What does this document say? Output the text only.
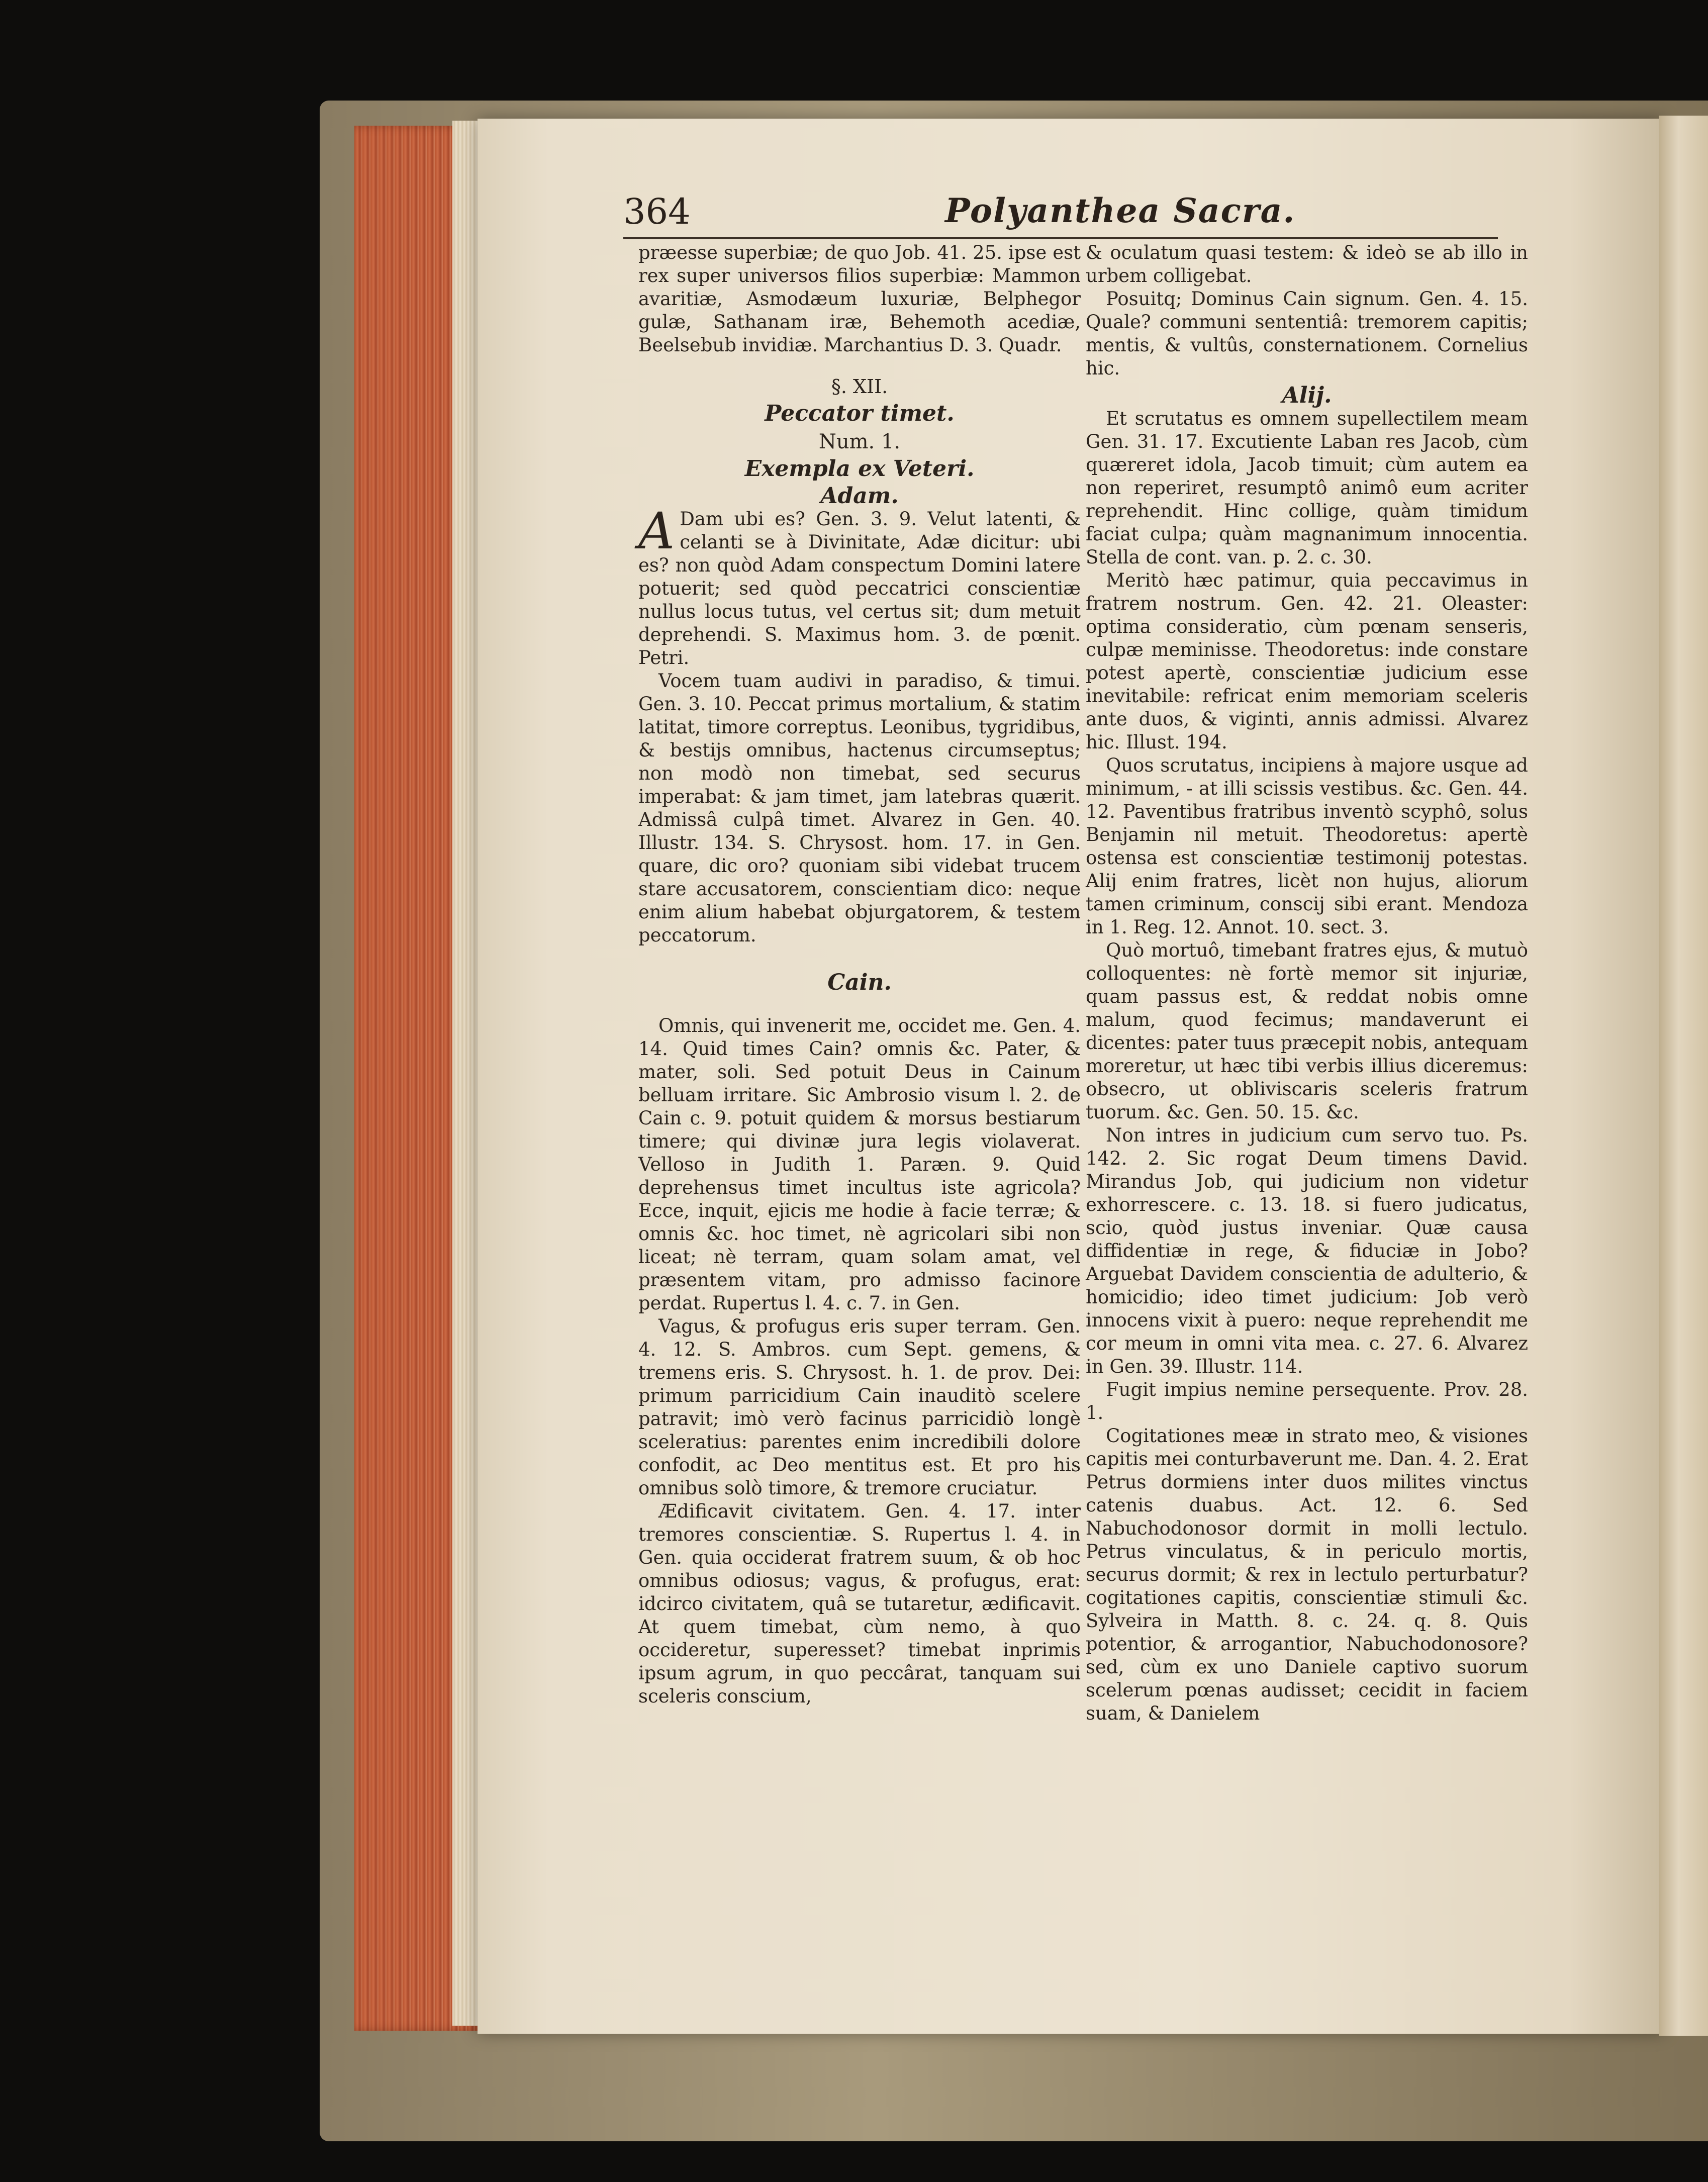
364	Polyanthea Sacra.

præesse superbiæ; de quo Job. 41. 25. ipse est rex super universos filios superbiæ: Mammon avaritiæ, Asmodæum luxuriæ, Belphegor gulæ, Sathanam iræ, Behemoth acediæ, Beelsebub invidiæ. Marchantius D. 3. Quadr.

§. XII.

Peccator timet.

Num. 1.

Exempla ex Veteri.

Adam.

A Dam ubi es? Gen. 3. 9. Velut latenti, & celanti se à Divinitate, Adæ dicitur: ubi es? non quòd Adam conspectum Domini latere potuerit; sed quòd peccatrici conscientiæ nullus locus tutus, vel certus sit; dum metuit deprehendi. S. Maximus hom. 3. de pœnit. Petri.

Vocem tuam audivi in paradiso, & timui. Gen. 3. 10. Peccat primus mortalium, & statim latitat, timore correptus. Leonibus, tygridibus, & bestijs omnibus, hactenus circumseptus; non modò non timebat, sed securus imperabat: & jam timet, jam latebras quærit. Admissâ culpâ timet. Alvarez in Gen. 40. Illustr. 134. S. Chrysost. hom. 17. in Gen. quare, dic oro? quoniam sibi videbat trucem stare accusatorem, conscientiam dico: neque enim alium habebat objurgatorem, & testem peccatorum.

Cain.

Omnis, qui invenerit me, occidet me. Gen. 4. 14. Quid times Cain? omnis &c. Pater, & mater, soli. Sed potuit Deus in Cainum belluam irritare. Sic Ambrosio visum l. 2. de Cain c. 9. potuit quidem & morsus bestiarum timere; qui divinæ jura legis violaverat. Velloso in Judith 1. Paræn. 9. Quid deprehensus timet incultus iste agricola? Ecce, inquit, ejicis me hodie à facie terræ; & omnis &c. hoc timet, nè agricolari sibi non liceat; nè terram, quam solam amat, vel præsentem vitam, pro admisso facinore perdat. Rupertus l. 4. c. 7. in Gen.

Vagus, & profugus eris super terram. Gen. 4. 12. S. Ambros. cum Sept. gemens, & tremens eris. S. Chrysost. h. 1. de prov. Dei: primum parricidium Cain inauditò scelere patravit; imò verò facinus parricidiò longè sceleratius: parentes enim incredibili dolore confodit, ac Deo mentitus est. Et pro his omnibus solò timore, & tremore cruciatur.

Ædificavit civitatem. Gen. 4. 17. inter tremores conscientiæ. S. Rupertus l. 4. in Gen. quia occiderat fratrem suum, & ob hoc omnibus odiosus; vagus, & profugus, erat: idcirco civitatem, quâ se tutaretur, ædificavit. At quem timebat, cùm nemo, à quo occideretur, superesset? timebat inprimis ipsum agrum, in quo peccârat, tanquam sui sceleris conscium,

& oculatum quasi testem: & ideò se ab illo in urbem colligebat.

Posuitq; Dominus Cain signum. Gen. 4. 15. Quale? communi sententiâ: tremorem capitis; mentis, & vultûs, consternationem. Cornelius hic.

Alij.

Et scrutatus es omnem supellectilem meam Gen. 31. 17. Excutiente Laban res Jacob, cùm quæreret idola, Jacob timuit; cùm autem ea non reperiret, resumptô animô eum acriter reprehendit. Hinc collige, quàm timidum faciat culpa; quàm magnanimum innocentia. Stella de cont. van. p. 2. c. 30.

Meritò hæc patimur, quia peccavimus in fratrem nostrum. Gen. 42. 21. Oleaster: optima consideratio, cùm pœnam senseris, culpæ meminisse. Theodoretus: inde constare potest apertè, conscientiæ judicium esse inevitabile: refricat enim memoriam sceleris ante duos, & viginti, annis admissi. Alvarez hic. Illust. 194.

Quos scrutatus, incipiens à majore usque ad minimum, - at illi scissis vestibus. &c. Gen. 44. 12. Paventibus fratribus inventò scyphô, solus Benjamin nil metuit. Theodoretus: apertè ostensa est conscientiæ testimonij potestas. Alij enim fratres, licèt non hujus, aliorum tamen criminum, conscij sibi erant. Mendoza in 1. Reg. 12. Annot. 10. sect. 3.

Quò mortuô, timebant fratres ejus, & mutuò colloquentes: nè fortè memor sit injuriæ, quam passus est, & reddat nobis omne malum, quod fecimus; mandaverunt ei dicentes: pater tuus præcepit nobis, antequam moreretur, ut hæc tibi verbis illius diceremus: obsecro, ut obliviscaris sceleris fratrum tuorum. &c. Gen. 50. 15. &c.

Non intres in judicium cum servo tuo. Ps. 142. 2. Sic rogat Deum timens David. Mirandus Job, qui judicium non videtur exhorrescere. c. 13. 18. si fuero judicatus, scio, quòd justus inveniar. Quæ causa diffidentiæ in rege, & fiduciæ in Jobo? Arguebat Davidem conscientia de adulterio, & homicidio; ideo timet judicium: Job verò innocens vixit à puero: neque reprehendit me cor meum in omni vita mea. c. 27. 6. Alvarez in Gen. 39. Illustr. 114.

Fugit impius nemine persequente. Prov. 28. 1.

Cogitationes meæ in strato meo, & visiones capitis mei conturbaverunt me. Dan. 4. 2. Erat Petrus dormiens inter duos milites vinctus catenis duabus. Act. 12. 6. Sed Nabuchodonosor dormit in molli lectulo. Petrus vinculatus, & in periculo mortis, securus dormit; & rex in lectulo perturbatur? cogitationes capitis, conscientiæ stimuli &c. Sylveira in Matth. 8. c. 24. q. 8. Quis potentior, & arrogantior, Nabuchodonosore? sed, cùm ex uno Daniele captivo suorum scelerum pœnas audisset; cecidit in faciem suam, & Danielem
